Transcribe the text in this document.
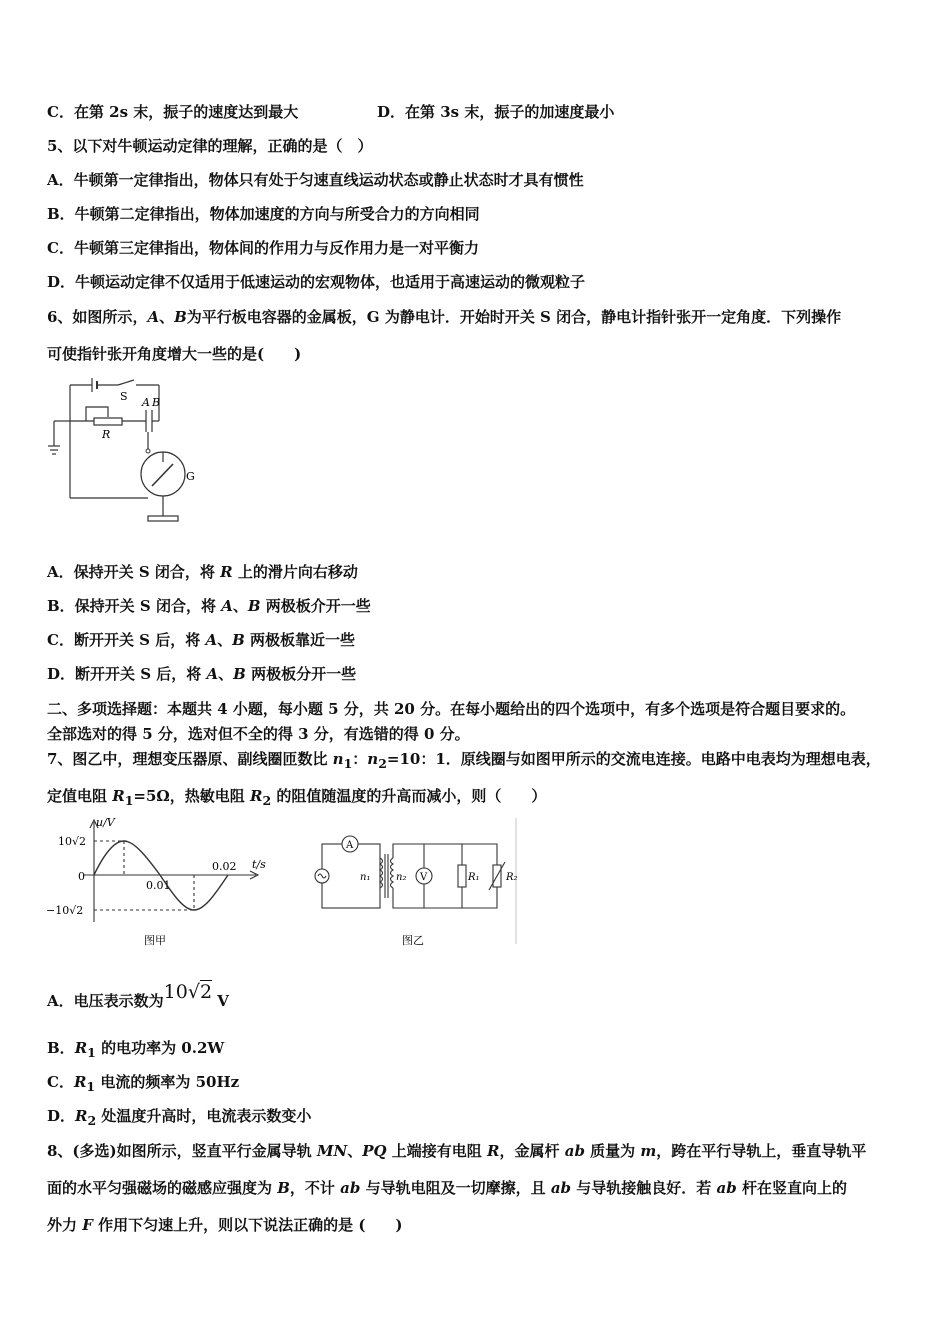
C．在第 2s 末，振子的速度达到最大	D．在第 3s 末，振子的加速度最小
5、以下对牛顿运动定律的理解，正确的是（　）
A．牛顿第一定律指出，物体只有处于匀速直线运动状态或静止状态时才具有惯性
B．牛顿第二定律指出，物体加速度的方向与所受合力的方向相同
C．牛顿第三定律指出，物体间的作用力与反作用力是一对平衡力
D．牛顿运动定律不仅适用于低速运动的宏观物体，也适用于高速运动的微观粒子
6、如图所示，A、B为平行板电容器的金属板，G 为静电计．开始时开关 S 闭合，静电计指针张开一定角度．下列操作
可使指针张开角度增大一些的是(　　)
S A B
R
G
A．保持开关 S 闭合，将 R 上的滑片向右移动
B．保持开关 S 闭合，将 A、B 两极板介开一些
C．断开开关 S 后，将 A、B 两极板靠近一些
D．断开开关 S 后，将 A、B 两极板分开一些
二、多项选择题：本题共 4 小题，每小题 5 分，共 20 分。在每小题给出的四个选项中，有多个选项是符合题目要求的。
全部选对的得 5 分，选对但不全的得 3 分，有选错的得 0 分。
7、图乙中，理想变压器原、副线圈匝数比 $n_1$：$n_2=10$：1．原线圈与如图甲所示的交流电连接。电路中电表均为理想电表，
定值电阻 $R_1=5\Omega$，热敏电阻 $R_2$ 的阻值随温度的升高而减小，则（　　）
u/V
t/s
10√2
−10√2
0
0.01
0.02
图甲
A
V
n₁	n₂	R₁	R₂
图乙
A．电压表示数为10√2 V
B．$R_1$ 的电功率为 0.2W
C．$R_1$ 电流的频率为 50Hz
D．$R_2$ 处温度升高时，电流表示数变小
8、(多选)如图所示，竖直平行金属导轨 MN、PQ 上端接有电阻 R，金属杆 ab 质量为 m，跨在平行导轨上，垂直导轨平
面的水平匀强磁场的磁感应强度为 B，不计 ab 与导轨电阻及一切摩擦，且 ab 与导轨接触良好．若 ab 杆在竖直向上的
外力 F 作用下匀速上升，则以下说法正确的是 (　　)
